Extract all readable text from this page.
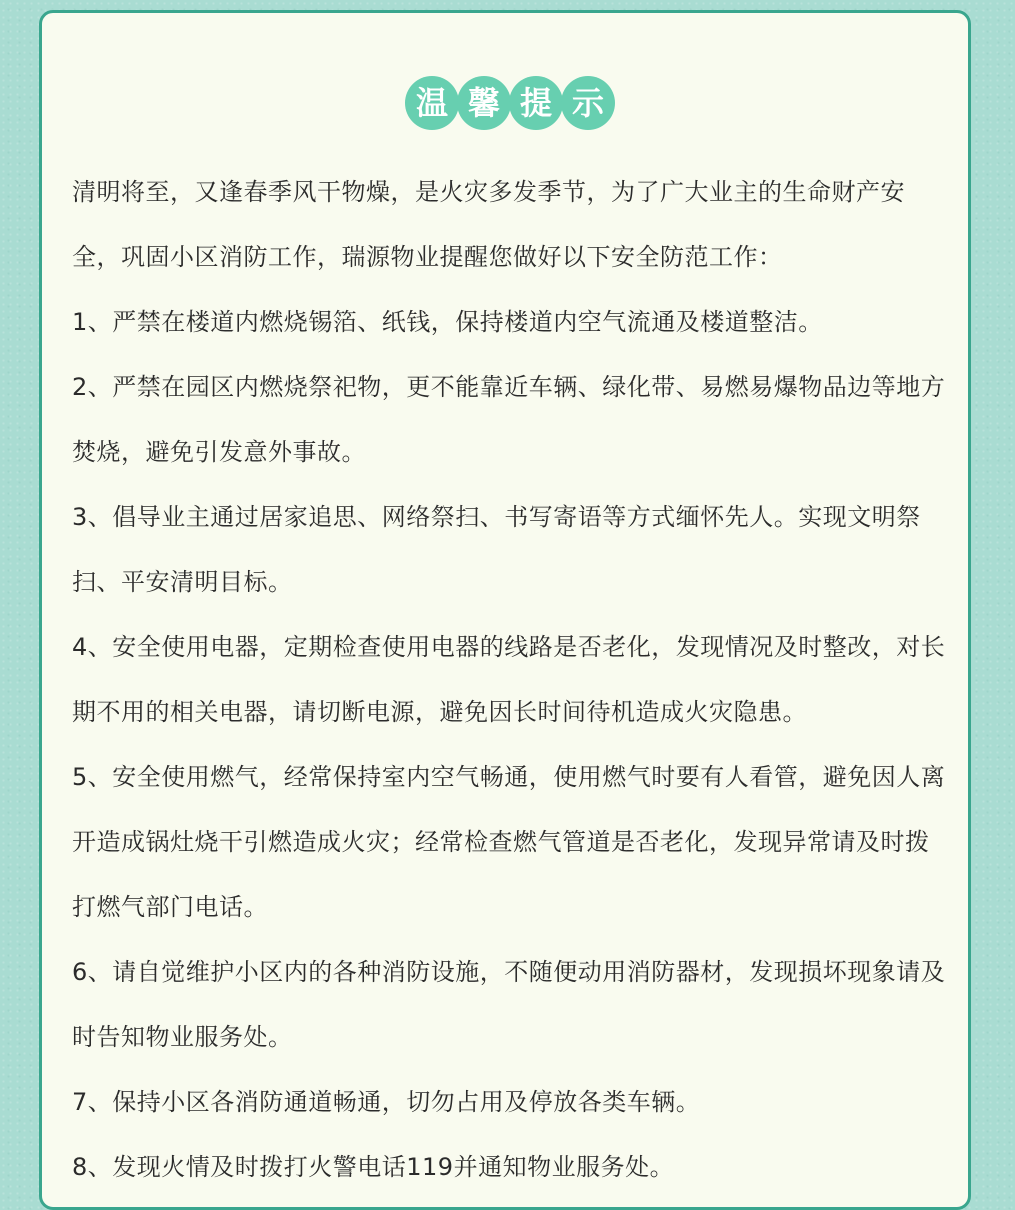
温 馨 提 示

清明将至，又逢春季风干物燥，是火灾多发季节，为了广大业主的生命财产安全，巩固小区消防工作，瑞源物业提醒您做好以下安全防范工作：

1、严禁在楼道内燃烧锡箔、纸钱，保持楼道内空气流通及楼道整洁。

2、严禁在园区内燃烧祭祀物，更不能靠近车辆、绿化带、易燃易爆物品边等地方焚烧，避免引发意外事故。

3、倡导业主通过居家追思、网络祭扫、书写寄语等方式缅怀先人。实现文明祭扫、平安清明目标。

4、安全使用电器，定期检查使用电器的线路是否老化，发现情况及时整改，对长期不用的相关电器，请切断电源，避免因长时间待机造成火灾隐患。

5、安全使用燃气，经常保持室内空气畅通，使用燃气时要有人看管，避免因人离开造成锅灶烧干引燃造成火灾；经常检查燃气管道是否老化，发现异常请及时拨打燃气部门电话。

6、请自觉维护小区内的各种消防设施，不随便动用消防器材，发现损坏现象请及时告知物业服务处。

7、保持小区各消防通道畅通，切勿占用及停放各类车辆。

8、发现火情及时拨打火警电话119并通知物业服务处。
